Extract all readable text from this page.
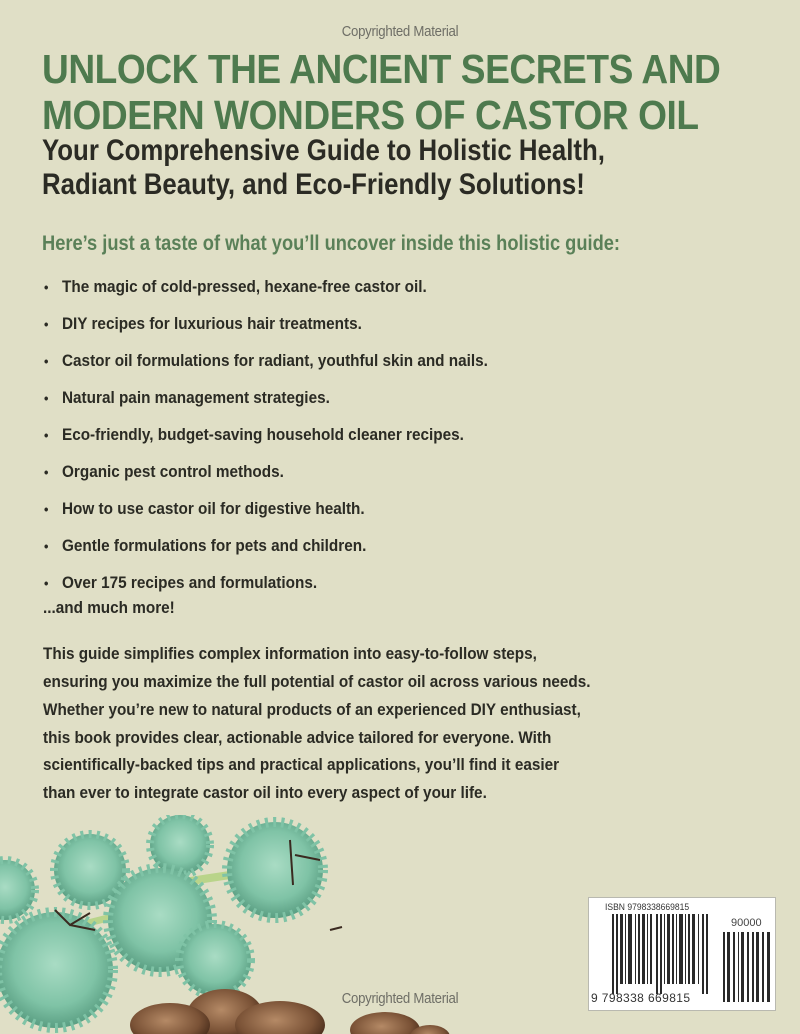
Copyrighted Material
UNLOCK THE ANCIENT SECRETS AND
MODERN WONDERS OF CASTOR OIL
Your Comprehensive Guide to Holistic Health,
Radiant Beauty, and Eco-Friendly Solutions!
Here’s just a taste of what you’ll uncover inside this holistic guide:
• The magic of cold-pressed, hexane-free castor oil.
• DIY recipes for luxurious hair treatments.
• Castor oil formulations for radiant, youthful skin and nails.
• Natural pain management strategies.
• Eco-friendly, budget-saving household cleaner recipes.
• Organic pest control methods.
• How to use castor oil for digestive health.
• Gentle formulations for pets and children.
• Over 175 recipes and formulations.
...and much more!
This guide simplifies complex information into easy-to-follow steps,
ensuring you maximize the full potential of castor oil across various needs.
Whether you’re new to natural products of an experienced DIY enthusiast,
this book provides clear, actionable advice tailored for everyone. With
scientifically-backed tips and practical applications, you’ll find it easier
than ever to integrate castor oil into every aspect of your life.
Copyrighted Material
ISBN 9798338669815
90000
9 798338 669815
